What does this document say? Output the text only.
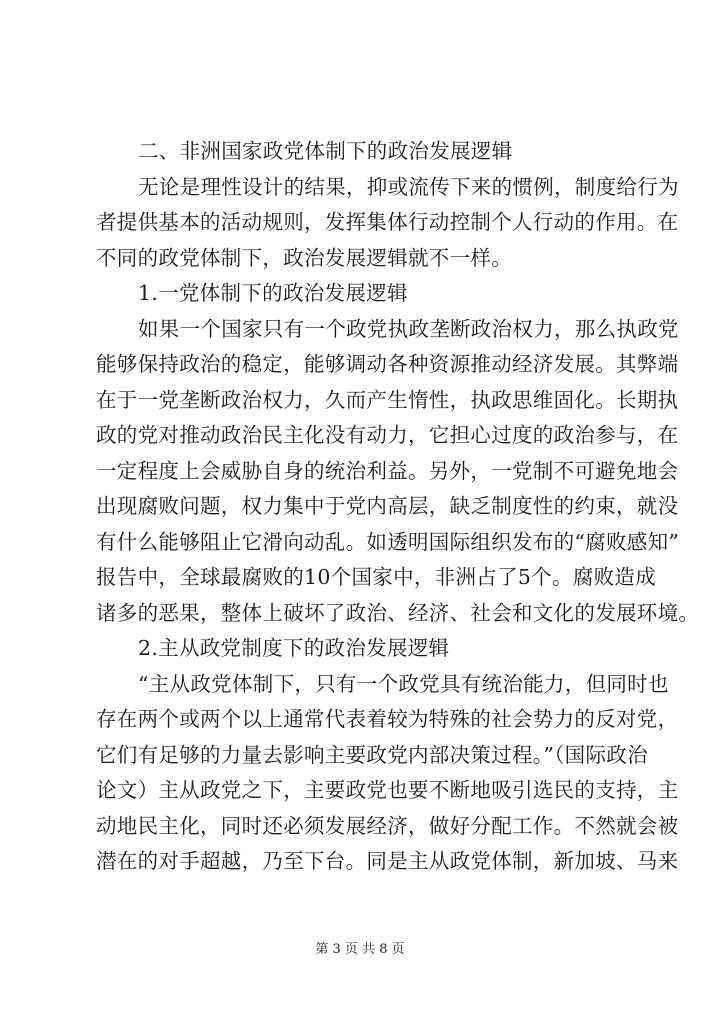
二、非洲国家政党体制下的政治发展逻辑
无论是理性设计的结果，抑或流传下来的惯例，制度给行为
者提供基本的活动规则，发挥集体行动控制个人行动的作用。在
不同的政党体制下，政治发展逻辑就不一样。
1.一党体制下的政治发展逻辑
如果一个国家只有一个政党执政垄断政治权力，那么执政党
能够保持政治的稳定，能够调动各种资源推动经济发展。其弊端
在于一党垄断政治权力，久而产生惰性，执政思维固化。长期执
政的党对推动政治民主化没有动力，它担心过度的政治参与，在
一定程度上会威胁自身的统治利益。另外，一党制不可避免地会
出现腐败问题，权力集中于党内高层，缺乏制度性的约束，就没
有什么能够阻止它滑向动乱。如透明国际组织发布的“腐败感知”
报告中，全球最腐败的10个国家中，非洲占了5个。腐败造成
诸多的恶果，整体上破坏了政治、经济、社会和文化的发展环境。
2.主从政党制度下的政治发展逻辑
“主从政党体制下，只有一个政党具有统治能力，但同时也
存在两个或两个以上通常代表着较为特殊的社会势力的反对党，
它们有足够的力量去影响主要政党内部决策过程。”（国际政治
论文）主从政党之下，主要政党也要不断地吸引选民的支持，主
动地民主化，同时还必须发展经济，做好分配工作。不然就会被
潜在的对手超越，乃至下台。同是主从政党体制，新加坡、马来
第 3 页 共 8 页
